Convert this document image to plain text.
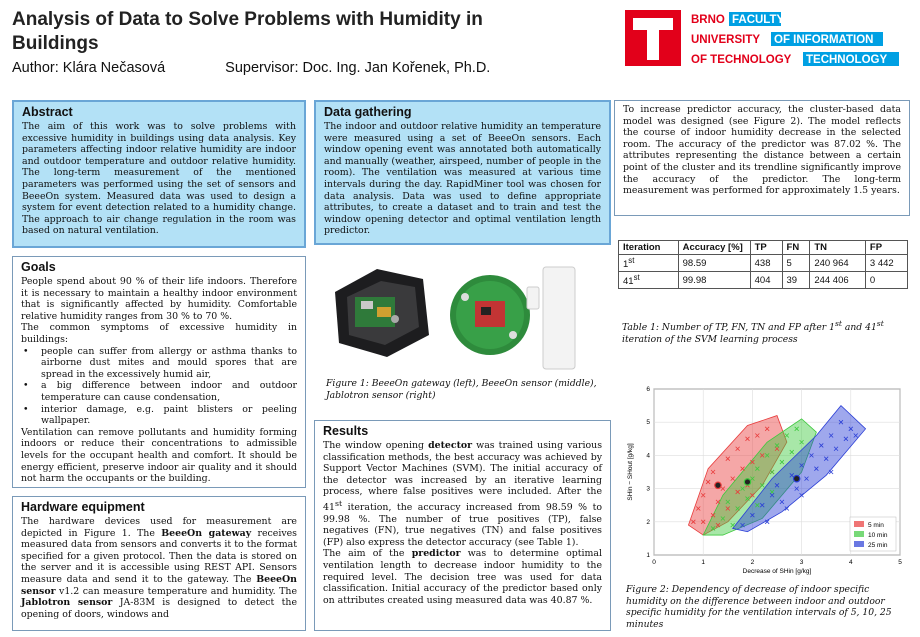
Analysis of Data to Solve Problems with Humidity in Buildings
Author: Klára Nečasová	Supervisor: Doc. Ing. Jan Kořenek, Ph.D.
BRNO FACULTY
UNIVERSITY OF INFORMATION
OF TECHNOLOGY TECHNOLOGY
Abstract

The aim of this work was to solve problems with excessive humidity in buildings using data analysis. Key parameters affecting indoor relative humidity are indoor and outdoor temperature and outdoor relative humidity. The long-term measurement of the mentioned parameters was performed using the set of sensors and BeeeOn system. Measured data was used to design a system for event detection related to a humidity change. The approach to air change regulation in the room was based on natural ventilation.

Goals

People spend about 90 % of their life indoors. Therefore it is necessary to maintain a healthy indoor environment that is significantly affected by humidity. Comfortable relative humidity ranges from 30 % to 70 %.

The common symptoms of excessive humidity in buildings:

• people can suffer from allergy or asthma thanks to airborne dust mites and mould spores that are spread in the excessively humid air,
• a big difference between indoor and outdoor temperature can cause condensation,
• interior damage, e.g. paint blisters or peeling wallpaper.

Ventilation can remove pollutants and humidity forming indoors or reduce their concentrations to admissible levels for the occupant health and comfort. It should be energy efficient, preserve indoor air quality and it should not harm the occupants or the building.

Hardware equipment

The hardware devices used for measurement are depicted in Figure 1. The BeeeOn gateway receives measured data from sensors and converts it to the format specified for a given protocol. Then the data is stored on the server and it is accessible using REST API. Sensors measure data and send it to the gateway. The BeeeOn sensor v1.2 can measure temperature and humidity. The Jablotron sensor JA-83M is designed to detect the opening of doors, windows and

Data gathering

The indoor and outdoor relative humidity an temperature were measured using a set of BeeeOn sensors. Each window opening event was annotated both automatically and manually (weather, airspeed, number of people in the room). The ventilation was measured at various time intervals during the day. RapidMiner tool was chosen for data analysis. Data was used to define appropriate attributes, to create a dataset and to train and test the window opening detector and optimal ventilation length predictor.

Figure 1: BeeeOn gateway (left), BeeeOn sensor (middle), Jablotron sensor (right)
Results

The window opening detector was trained using various classification methods, the best accuracy was achieved by Support Vector Machines (SVM). The initial accuracy of the detector was increased by an iterative learning process, where false positives were included. After the 41st iteration, the accuracy increased from 98.59 % to 99.98 %. The number of true positives (TP), false negatives (FN), true negatives (TN) and false positives (FP) also express the detector accuracy (see Table 1).

The aim of the predictor was to determine optimal ventilation length to decrease indoor humidity to the required level. The decision tree was used for data classification. Initial accuracy of the predictor based only on attributes created using measured data was 40.87 %.

To increase predictor accuracy, the cluster-based data model was designed (see Figure 2). The model reflects the course of indoor humidity decrease in the selected room. The accuracy of the predictor was 87.02 %. The attributes representing the distance between a certain point of the cluster and its trendline significantly improve the accuracy of the predictor. The long-term measurement was performed for approximately 1.5 years.

Iteration	Accuracy [%]	TP	FN	TN	FP
1st	98.59	438	5	240 964	3 442
41st	99.98	404	39	244 406	0
Table 1: Number of TP, FN, TN and FP after 1st and 41st iteration of the SVM learning process
0	1	2	3	4	5
1
2
3
4
5
6
Decrease of SHin [g/kg]
SHin − SHout [g/kg]
5 min
10 min
25 min
Figure 2: Dependency of decrease of indoor specific humidity on the difference between indoor and outdoor specific humidity for the ventilation intervals of 5, 10, 25 minutes
